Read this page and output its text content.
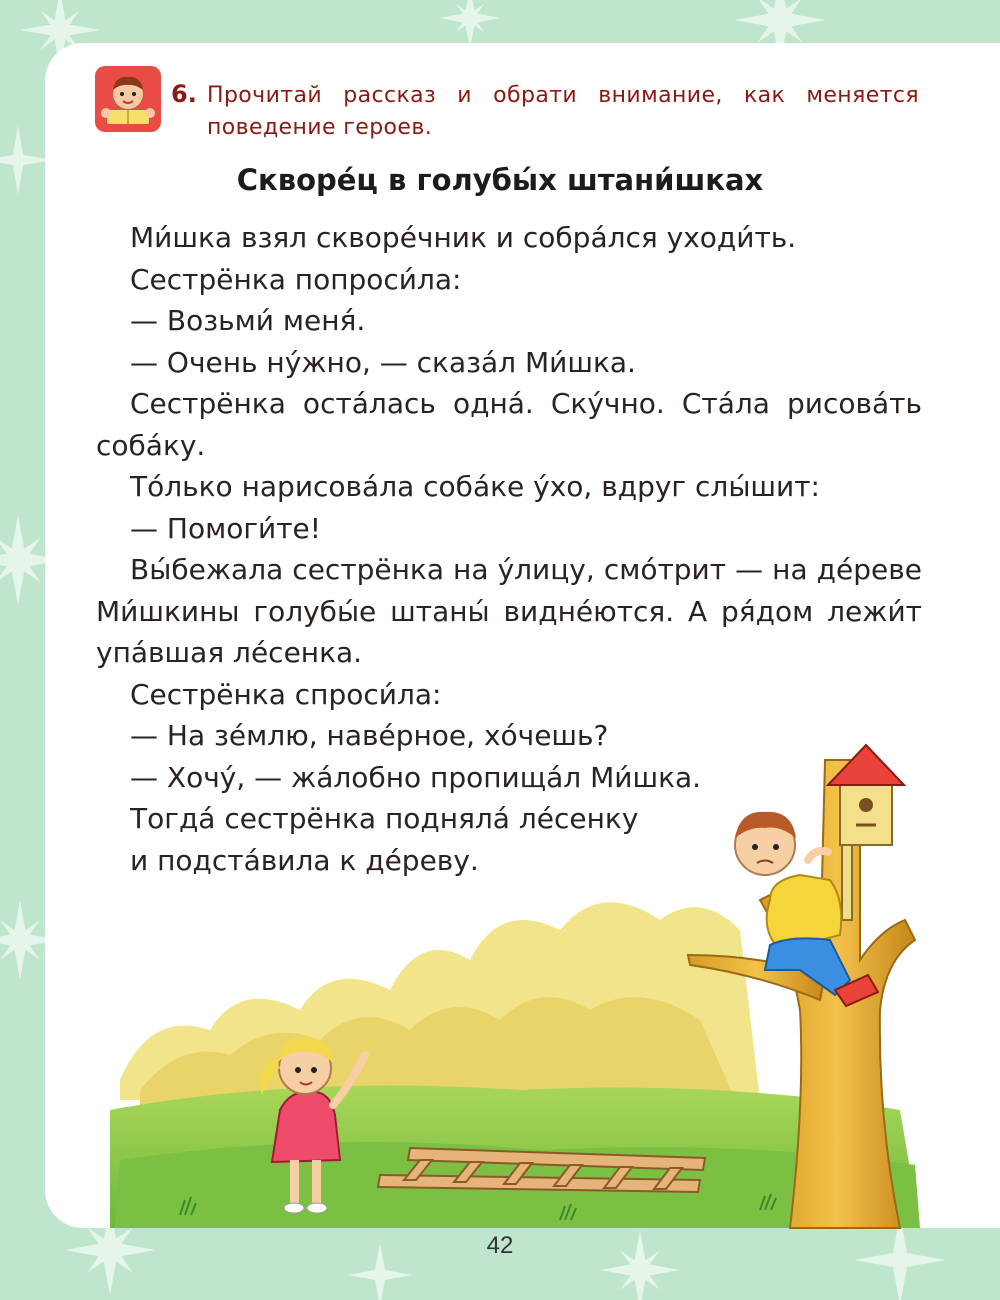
6. Прочитай рассказ и обрати внимание, как меняется поведение героев.
Скворе́ц в голубы́х штани́шках

Ми́шка взял скворе́чник и собра́лся уходи́ть.

Сестрёнка попроси́ла:

— Возьми́ меня́.

— Очень ну́жно, — сказа́л Ми́шка.

Сестрёнка оста́лась одна́. Ску́чно. Ста́ла рисова́ть соба́ку.

То́лько нарисова́ла соба́ке у́хо, вдруг слы́шит:

— Помоги́те!

Вы́бежала сестрёнка на у́лицу, смо́трит — на де́реве Ми́шкины голубы́е штаны́ видне́ются. А ря́дом лежи́т упа́вшая ле́сенка.

Сестрёнка спроси́ла:

— На зе́млю, наве́рное, хо́чешь?

— Хочу́, — жа́лобно пропища́л Ми́шка.

Тогда́ сестрёнка подняла́ ле́сенку

и подста́вила к де́реву.

42
